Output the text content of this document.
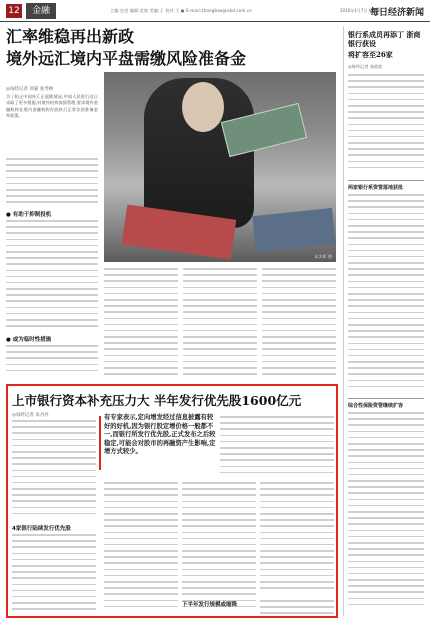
12	金融	主编:史进 编辑:范如 美编:王 校对:王 ● E-mail:zhangbao@nbd.com.cn	2016年1月7日 星期四
每日经济新闻
汇率维稳再出新政
境外远汇境内平盘需缴风险准备金
◎每经记者 刘嘉 张寿林
为了防止中国外汇正面跌情况,中国人民银行近日采取了更多措施,对境外机构加强管理,要求境外金融机构在境内金融机构存放执行正常存款准备金率政策。
● 有助于抑制投机
● 或为临时性措施
东方IC 图
上市银行资本补充压力大 半年发行优先股1600亿元
◎每经记者 朱丹丹
4家银行陆续发行优先股
有专家表示,定向增发经过信息披露有较好的好机,因为银行股定增价格一般都不一,而银行所发行优先股,正式发布之后较稳定,可能会对股市的再融资产生影响,定增方式较少。
下半年发行规模或缩降
银行系成员再添丁 浙商银行获设
将扩容至26家
◎每经记者 汤欣欣
两家银行系资管落地获批
综合性保险资管继续扩容
